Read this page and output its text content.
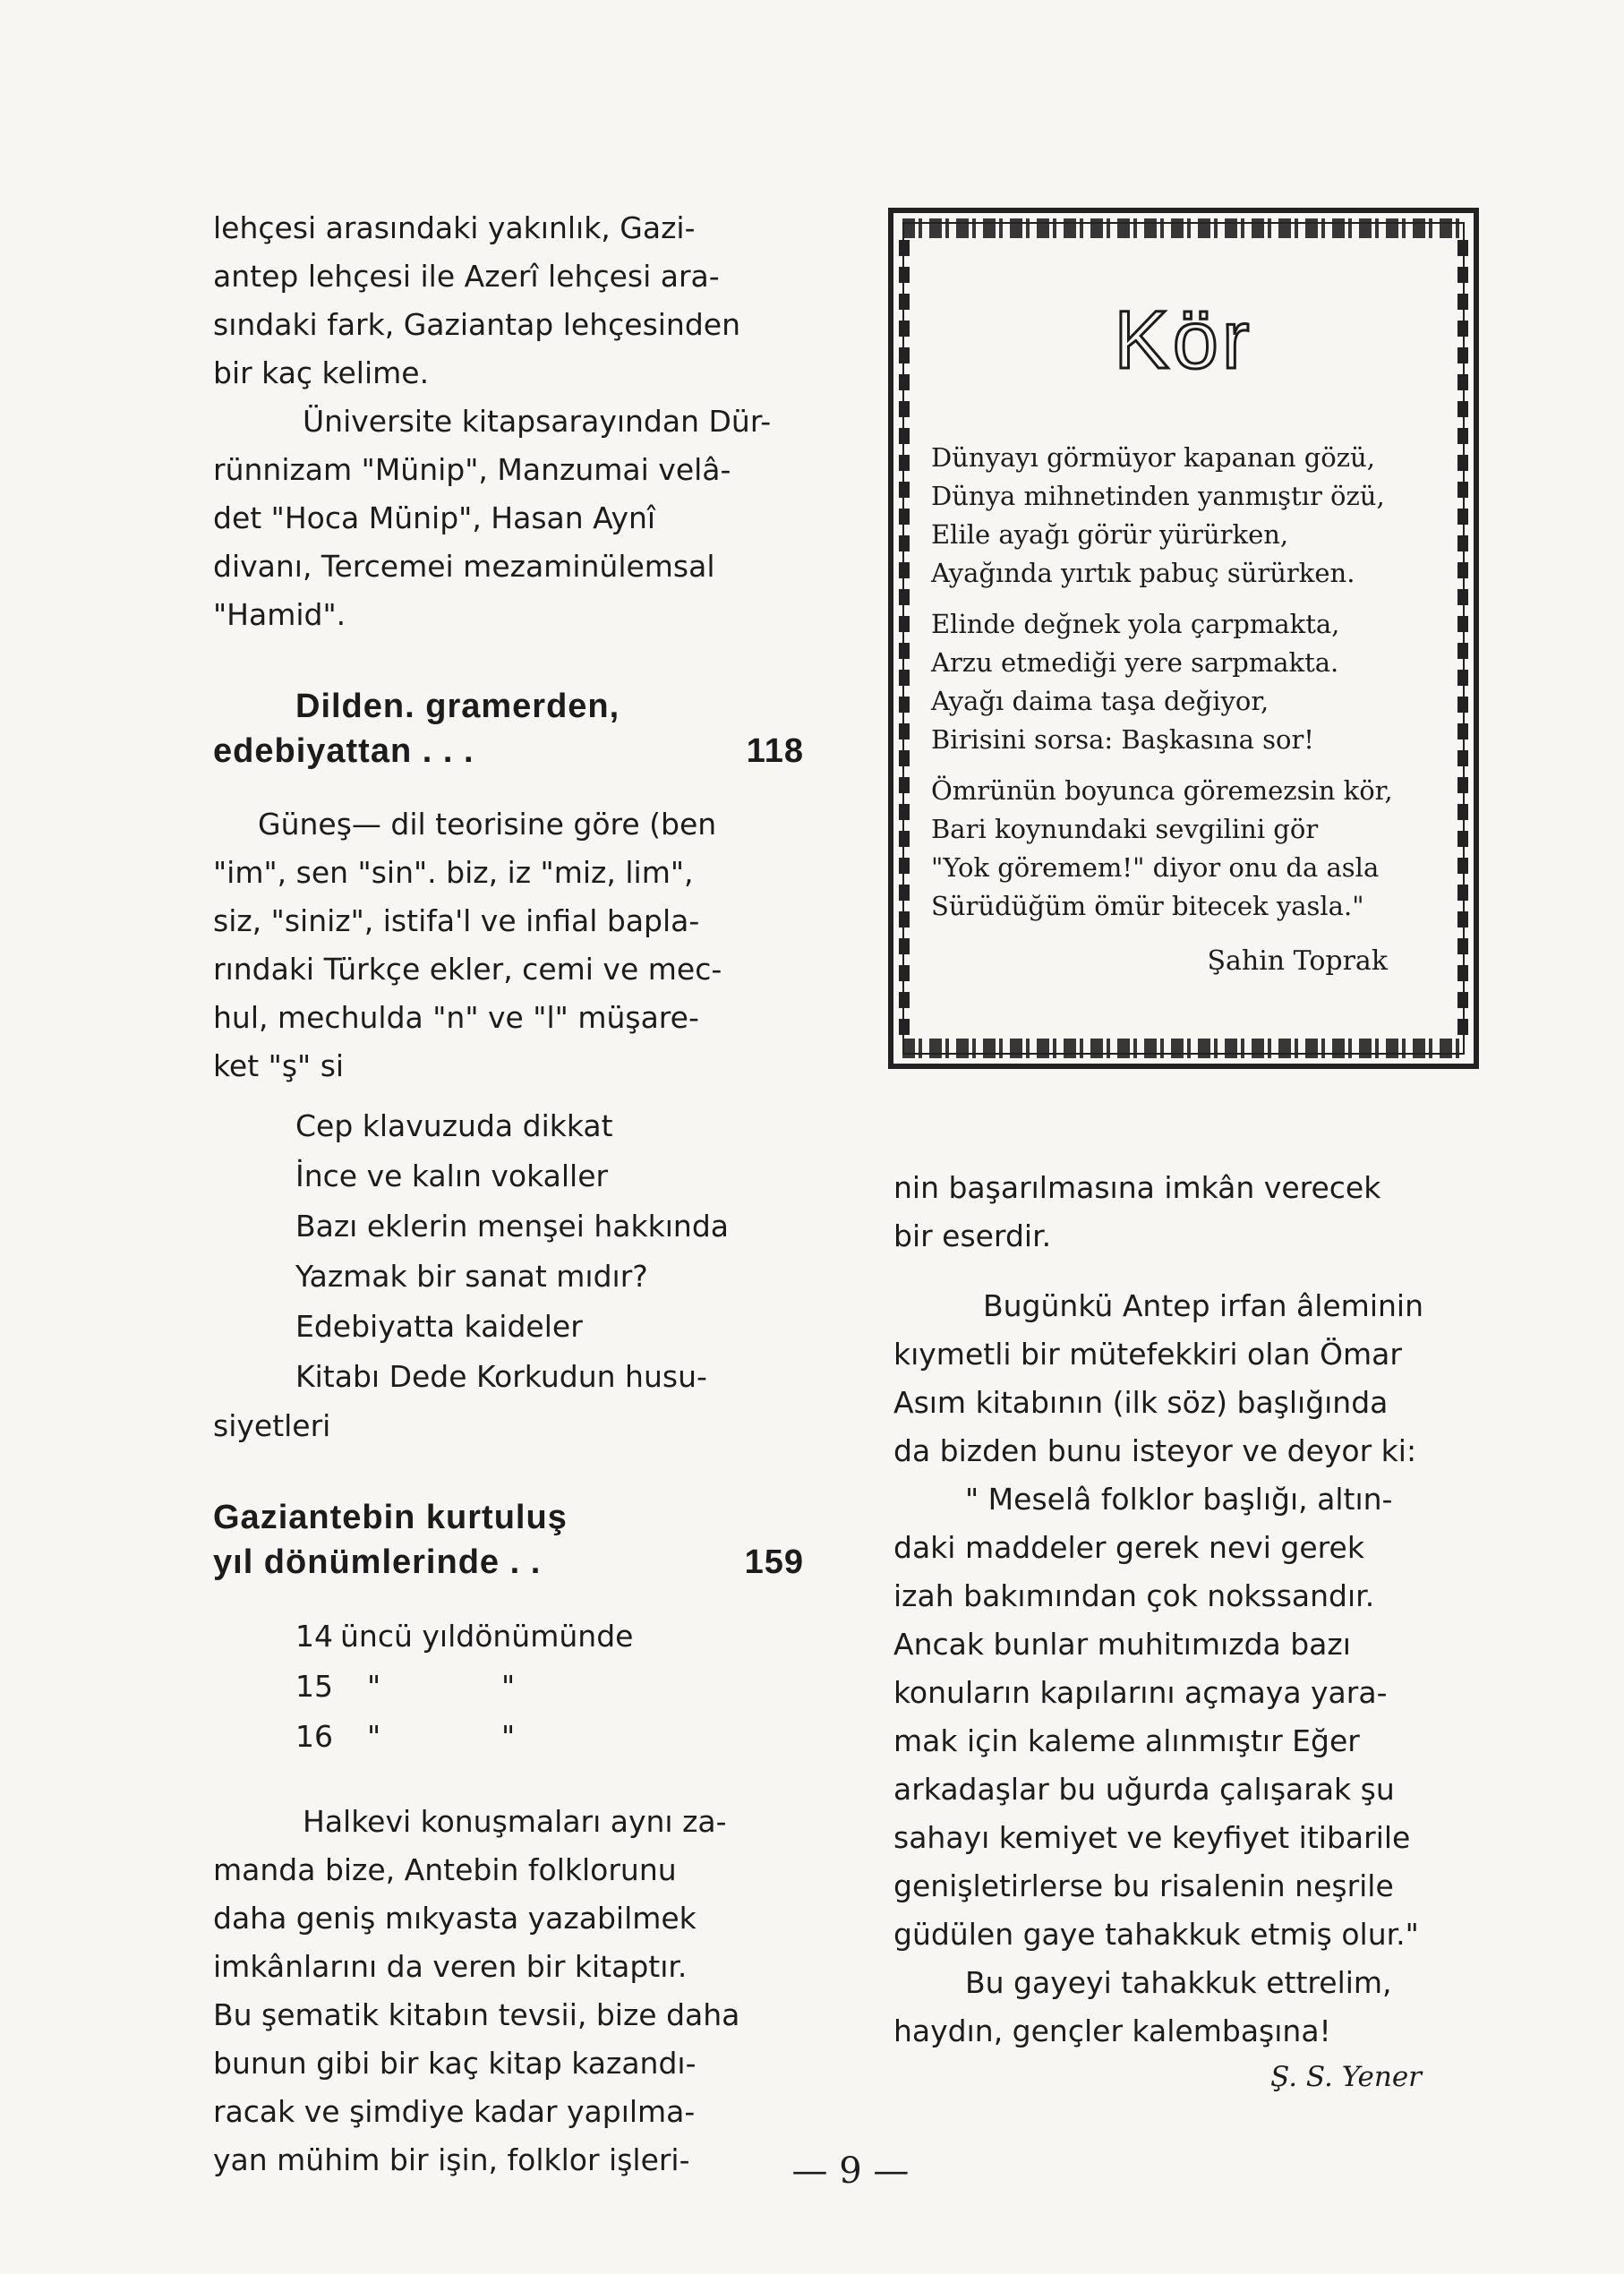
lehçesi arasındaki yakınlık, Gazi-
antep lehçesi ile Azerî lehçesi ara-
sındaki fark, Gaziantap lehçesinden
bir kaç kelime.
Üniversite kitapsarayından Dür-
rünnizam "Münip", Manzumai velâ-
det "Hoca Münip", Hasan Aynî
divanı, Tercemei mezaminülemsal
"Hamid".
Dilden. gramerden,
edebiyattan . . .	118
Güneş— dil teorisine göre (ben
"im", sen "sin". biz, iz "miz, lim",
siz, "siniz", istifa'l ve infial bapla-
rındaki Türkçe ekler, cemi ve mec-
hul, mechulda "n" ve "l" müşare-
ket "ş" si
Cep klavuzuda dikkat
İnce ve kalın vokaller
Bazı eklerin menşei hakkında
Yazmak bir sanat mıdır?
Edebiyatta kaideler
Kitabı Dede Korkudun husu-
siyetleri
Gaziantebin kurtuluş
yıl dönümlerinde . .	159
14 üncü yıldönümünde
15	"	"
16	"	"
Halkevi konuşmaları aynı za-
manda bize, Antebin folklorunu
daha geniş mıkyasta yazabilmek
imkânlarını da veren bir kitaptır.
Bu şematik kitabın tevsii, bize daha
bunun gibi bir kaç kitap kazandı-
racak ve şimdiye kadar yapılma-
yan mühim bir işin, folklor işleri-
Kör
Dünyayı görmüyor kapanan gözü,
Dünya mihnetinden yanmıştır özü,
Elile ayağı görür yürürken,
Ayağında yırtık pabuç sürürken.
Elinde değnek yola çarpmakta,
Arzu etmediği yere sarpmakta.
Ayağı daima taşa değiyor,
Birisini sorsa: Başkasına sor!
Ömrünün boyunca göremezsin kör,
Bari koynundaki sevgilini gör
"Yok göremem!" diyor onu da asla
Sürüdüğüm ömür bitecek yasla."
Şahin Toprak
nin başarılmasına imkân verecek
bir eserdir.
Bugünkü Antep irfan âleminin
kıymetli bir mütefekkiri olan Ömar
Asım kitabının (ilk söz) başlığında
da bizden bunu isteyor ve deyor ki:
" Meselâ folklor başlığı, altın-
daki maddeler gerek nevi gerek
izah bakımından çok nokssandır.
Ancak bunlar muhitımızda bazı
konuların kapılarını açmaya yara-
mak için kaleme alınmıştır Eğer
arkadaşlar bu uğurda çalışarak şu
sahayı kemiyet ve keyfiyet itibarile
genişletirlerse bu risalenin neşrile
güdülen gaye tahakkuk etmiş olur."
Bu gayeyi tahakkuk ettrelim,
haydın, gençler kalembaşına!
Ş. S. Yener
— 9 —
